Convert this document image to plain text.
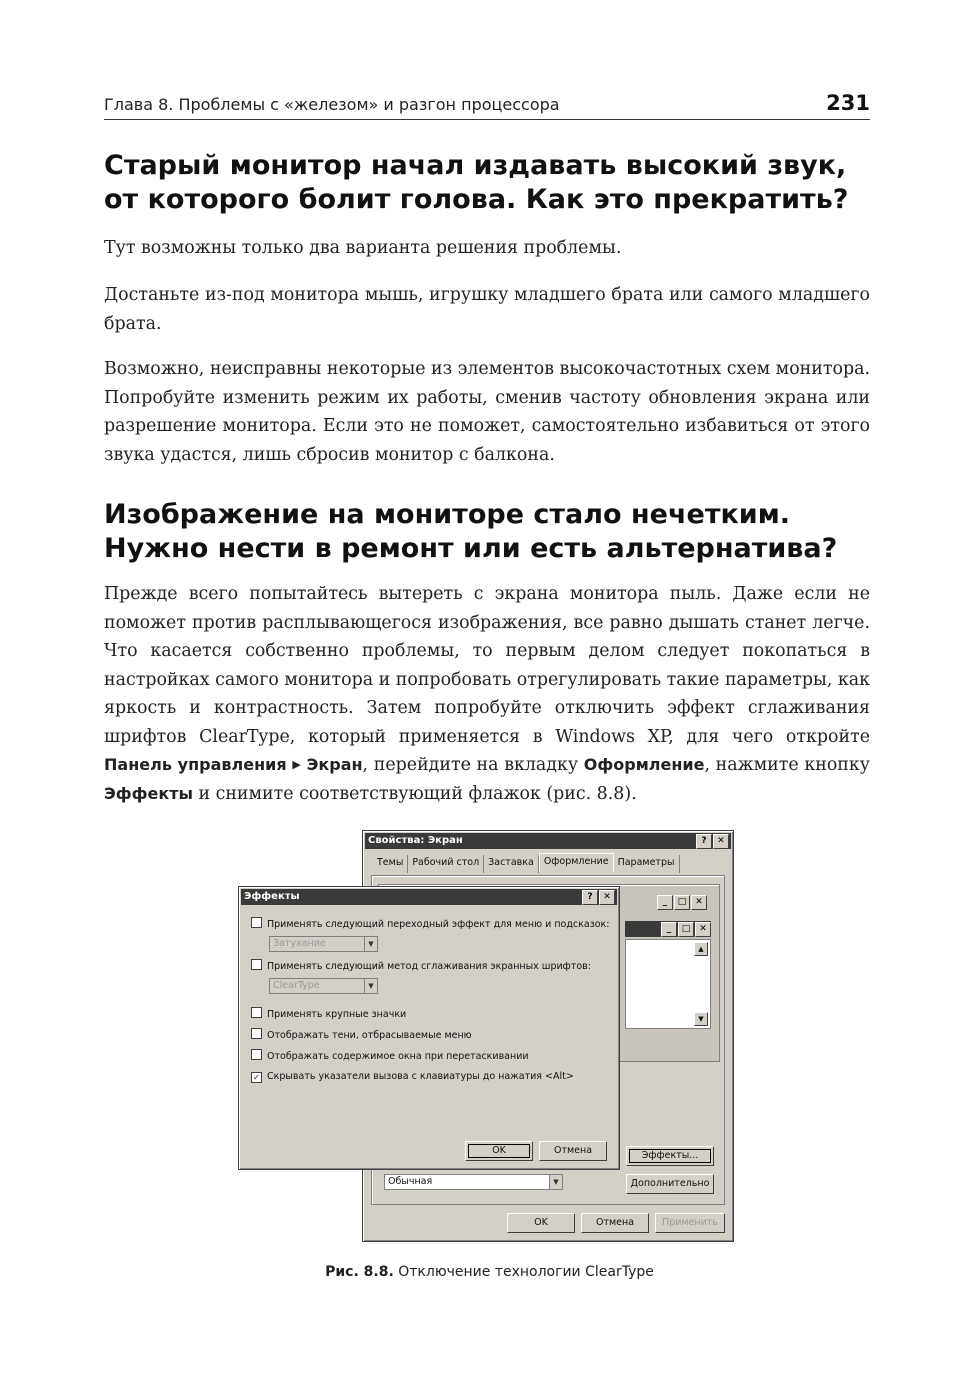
Глава 8. Проблемы с «железом» и разгон процессора	231
Старый монитор начал издавать высокий звук,
от которого болит голова. Как это прекратить?

Тут возможны только два варианта решения проблемы.

Достаньте из-под монитора мышь, игрушку младшего брата или самого младшего брата.

Возможно, неисправны некоторые из элементов высокочастотных схем монитора. Попробуйте изменить режим их работы, сменив частоту обновления экрана или разрешение монитора. Если это не поможет, самостоятельно избавиться от этого звука удастся, лишь сбросив монитор с балкона.

Изображение на мониторе стало нечетким.
Нужно нести в ремонт или есть альтернатива?

Прежде всего попытайтесь вытереть с экрана монитора пыль. Даже если не поможет против расплывающегося изображения, все равно дышать станет легче. Что касается собственно проблемы, то первым делом следует покопаться в настройках самого монитора и попробовать отрегулировать такие параметры, как яркость и контрастность. Затем попробуйте отключить эффект сглаживания шрифтов ClearType, который применяется в Windows XP, для чего откройте Панель управления ▶ Экран, перейдите на вкладку Оформление, нажмите кнопку Эффекты и снимите соответствующий флажок (рис. 8.8).

Свойства: Экран	?	✕
Темы Рабочий стол Заставка	Оформление Параметры
_	□ ✕
_	□ ✕
▲
▼
Обычная	▼
Эффекты...
Дополнительно
OK	Отмена	Применить
Эффекты	?	✕
Применять следующий переходный эффект для меню и подсказок:
Затухание	▼
Применять следующий метод сглаживания экранных шрифтов:
ClearType	▼
Применять крупные значки
Отображать тени, отбрасываемые меню
Отображать содержимое окна при перетаскивании
✓ Скрывать указатели вызова с клавиатуры до нажатия <Alt>
OK	Отмена
Рис. 8.8. Отключение технологии ClearType
